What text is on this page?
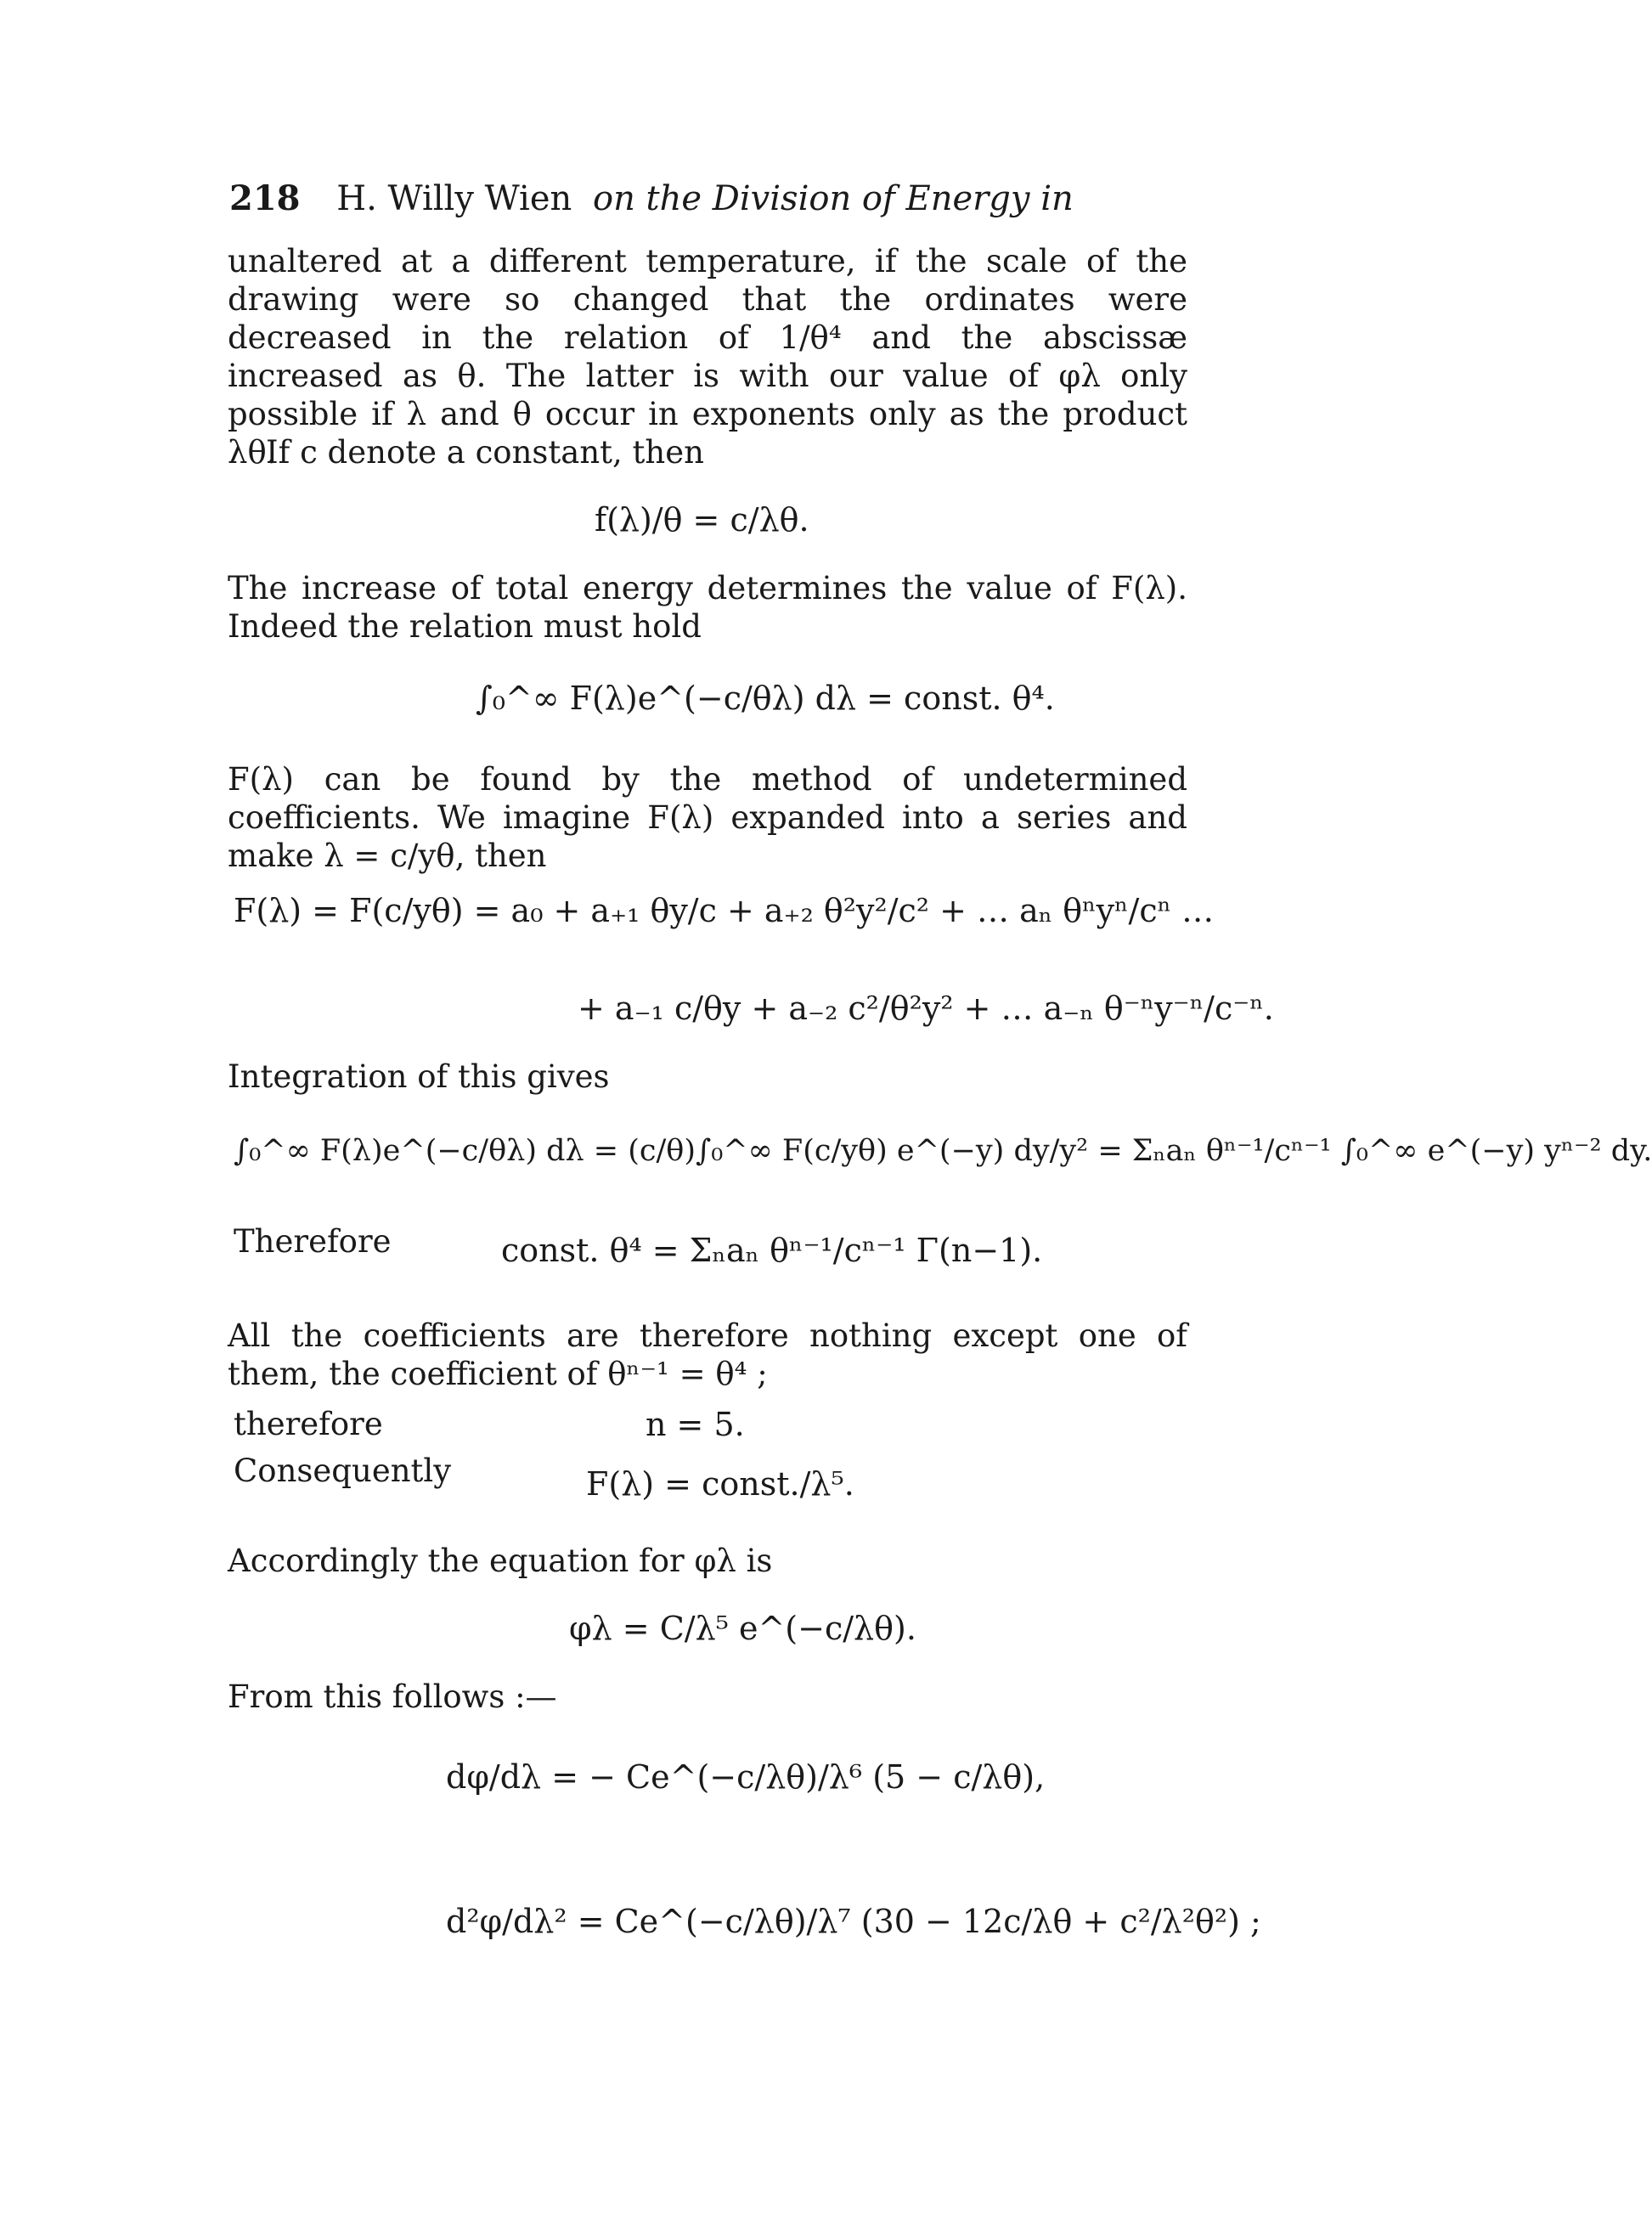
218 H. Willy Wien on the Division of Energy in
unaltered at a different temperature, if the scale of the drawing were so changed that the ordinates were decreased in the relation of 1/θ⁴ and the abscissæ increased as θ. The latter is with our value of φλ only possible if λ and θ occur in exponents only as the product λθ.
If c denote a constant, then
f(λ)/θ = c/λθ.
The increase of total energy determines the value of F(λ). Indeed the relation must hold
∫₀^∞ F(λ)e^(−c/θλ) dλ = const. θ⁴.
F(λ) can be found by the method of undetermined coefficients. We imagine F(λ) expanded into a series and make λ = c/yθ, then
F(λ) = F(c/yθ) = a₀ + a₊₁ θy/c + a₊₂ θ²y²/c² + … aₙ θⁿyⁿ/cⁿ …
+ a₋₁ c/θy + a₋₂ c²/θ²y² + … a₋ₙ θ⁻ⁿy⁻ⁿ/c⁻ⁿ.
Integration of this gives
∫₀^∞ F(λ)e^(−c/θλ) dλ = (c/θ)∫₀^∞ F(c/yθ) e^(−y) dy/y² = Σₙaₙ θⁿ⁻¹/cⁿ⁻¹ ∫₀^∞ e^(−y) yⁿ⁻² dy.
Therefore	const. θ⁴ = Σₙaₙ θⁿ⁻¹/cⁿ⁻¹ Γ(n−1).
All the coefficients are therefore nothing except one of them, the coefficient of θⁿ⁻¹ = θ⁴ ;
therefore	n = 5.
Consequently	F(λ) = const./λ⁵.
Accordingly the equation for φλ is
φλ = C/λ⁵ e^(−c/λθ).
From this follows :—
dφ/dλ = − Ce^(−c/λθ)/λ⁶ (5 − c/λθ),
d²φ/dλ² = Ce^(−c/λθ)/λ⁷ (30 − 12c/λθ + c²/λ²θ²) ;
